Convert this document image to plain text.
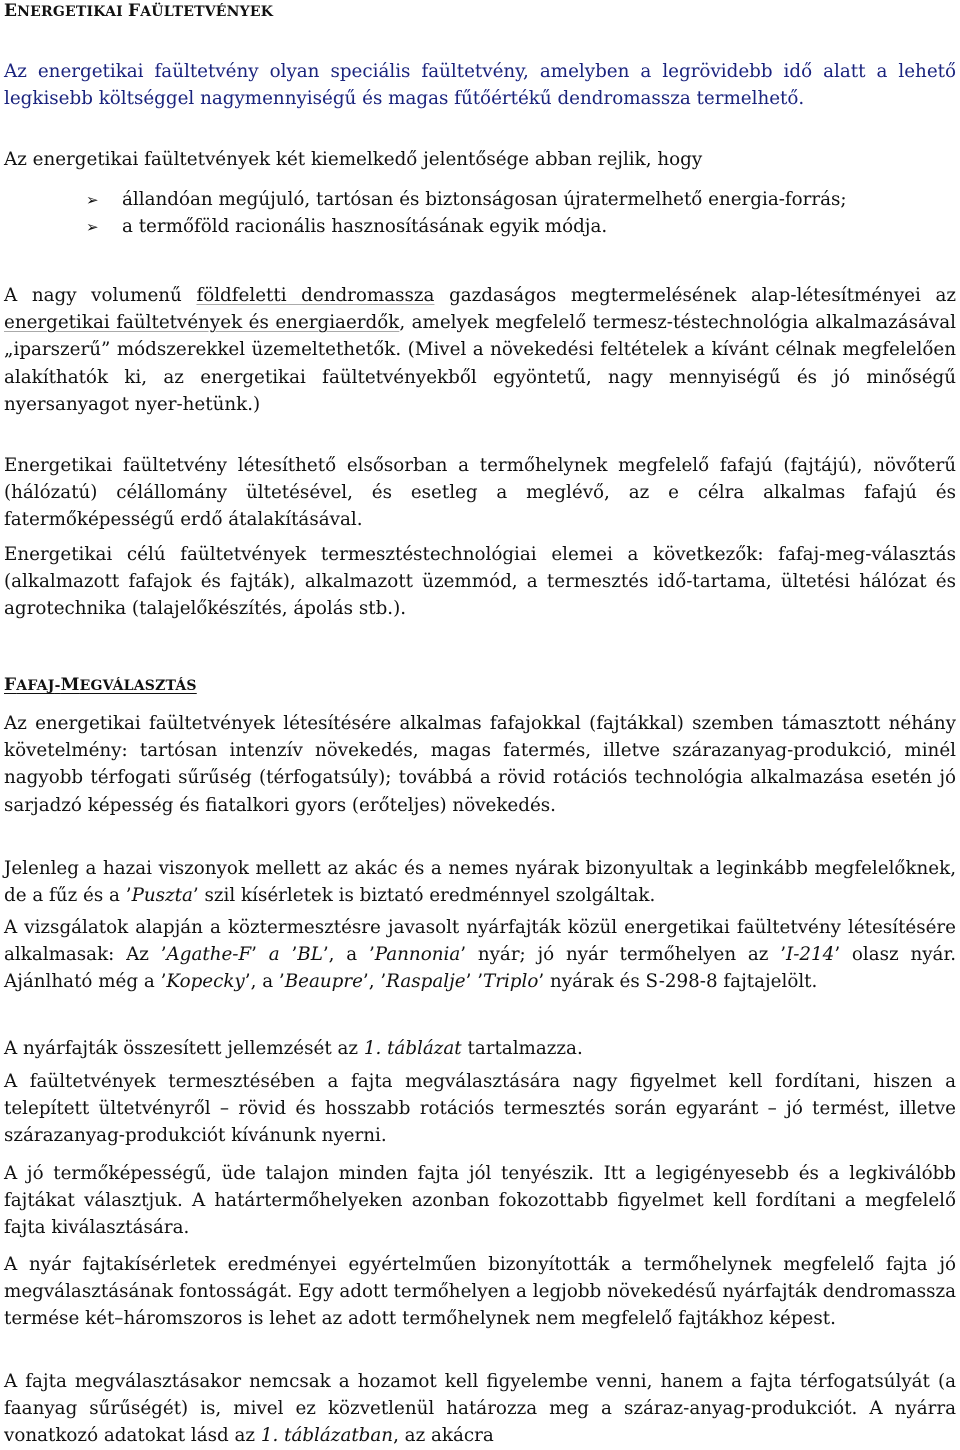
ENERGETIKAI FAÜLTETVÉNYEK

Az energetikai faültetvény olyan speciális faültetvény, amelyben a legrövidebb idő alatt a lehető legkisebb költséggel nagymennyiségű és magas fűtőértékű dendromassza termelhető.

Az energetikai faültetvények két kiemelkedő jelentősége abban rejlik, hogy

➢	állandóan megújuló, tartósan és biztonságosan újratermelhető energia-forrás;
➢ a termőföld racionális hasznosításának egyik módja.

A nagy volumenű földfeletti dendromassza gazdaságos megtermelésének alap-létesítményei az energetikai faültetvények és energiaerdők, amelyek megfelelő termesz-téstechnológia alkalmazásával „iparszerű” módszerekkel üzemeltethetők. (Mivel a növekedési feltételek a kívánt célnak megfelelően alakíthatók ki, az energetikai faültetvényekből egyöntetű, nagy mennyiségű és jó minőségű nyersanyagot nyer-hetünk.)

Energetikai faültetvény létesíthető elsősorban a termőhelynek megfelelő fafajú (fajtájú), növőterű (hálózatú) célállomány ültetésével, és esetleg a meglévő, az e célra alkalmas fafajú és fatermőképességű erdő átalakításával.

Energetikai célú faültetvények termesztéstechnológiai elemei a következők: fafaj-meg-választás (alkalmazott fafajok és fajták), alkalmazott üzemmód, a termesztés idő-tartama, ültetési hálózat és agrotechnika (talajelőkészítés, ápolás stb.).

FAFAJ-MEGVÁLASZTÁS

Az energetikai faültetvények létesítésére alkalmas fafajokkal (fajtákkal) szemben támasztott néhány követelmény: tartósan intenzív növekedés, magas fatermés, illetve szárazanyag-produkció, minél nagyobb térfogati sűrűség (térfogatsúly); továbbá a rövid rotációs technológia alkalmazása esetén jó sarjadzó képesség és fiatalkori gyors (erőteljes) növekedés.

Jelenleg a hazai viszonyok mellett az akác és a nemes nyárak bizonyultak a leginkább megfelelőknek, de a fűz és a ’Puszta’ szil kísérletek is biztató eredménnyel szolgáltak.

A vizsgálatok alapján a köztermesztésre javasolt nyárfajták közül energetikai faültetvény létesítésére alkalmasak: Az ’Agathe-F’ a ’BL’, a ’Pannonia’ nyár; jó nyár termőhelyen az ’I-214’ olasz nyár. Ajánlható még a ’Kopecky’, a ’Beaupre’, ’Raspalje’ ’Triplo’ nyárak és S-298-8 fajtajelölt.

A nyárfajták összesített jellemzését az 1. táblázat tartalmazza.

A faültetvények termesztésében a fajta megválasztására nagy figyelmet kell fordítani, hiszen a telepített ültetvényről – rövid és hosszabb rotációs termesztés során egyaránt – jó termést, illetve szárazanyag-produkciót kívánunk nyerni.

A jó termőképességű, üde talajon minden fajta jól tenyészik. Itt a legigényesebb és a legkiválóbb fajtákat választjuk. A határtermőhelyeken azonban fokozottabb figyelmet kell fordítani a megfelelő fajta kiválasztására.

A nyár fajtakísérletek eredményei egyértelműen bizonyították a termőhelynek megfelelő fajta jó megválasztásának fontosságát. Egy adott termőhelyen a legjobb növekedésű nyárfajták dendromassza termése két–háromszoros is lehet az adott termőhelynek nem megfelelő fajtákhoz képest.

A fajta megválasztásakor nemcsak a hozamot kell figyelembe venni, hanem a fajta térfogatsúlyát (a faanyag sűrűségét) is, mivel ez közvetlenül határozza meg a száraz-anyag-produkciót. A nyárra vonatkozó adatokat lásd az 1. táblázatban, az akácra
